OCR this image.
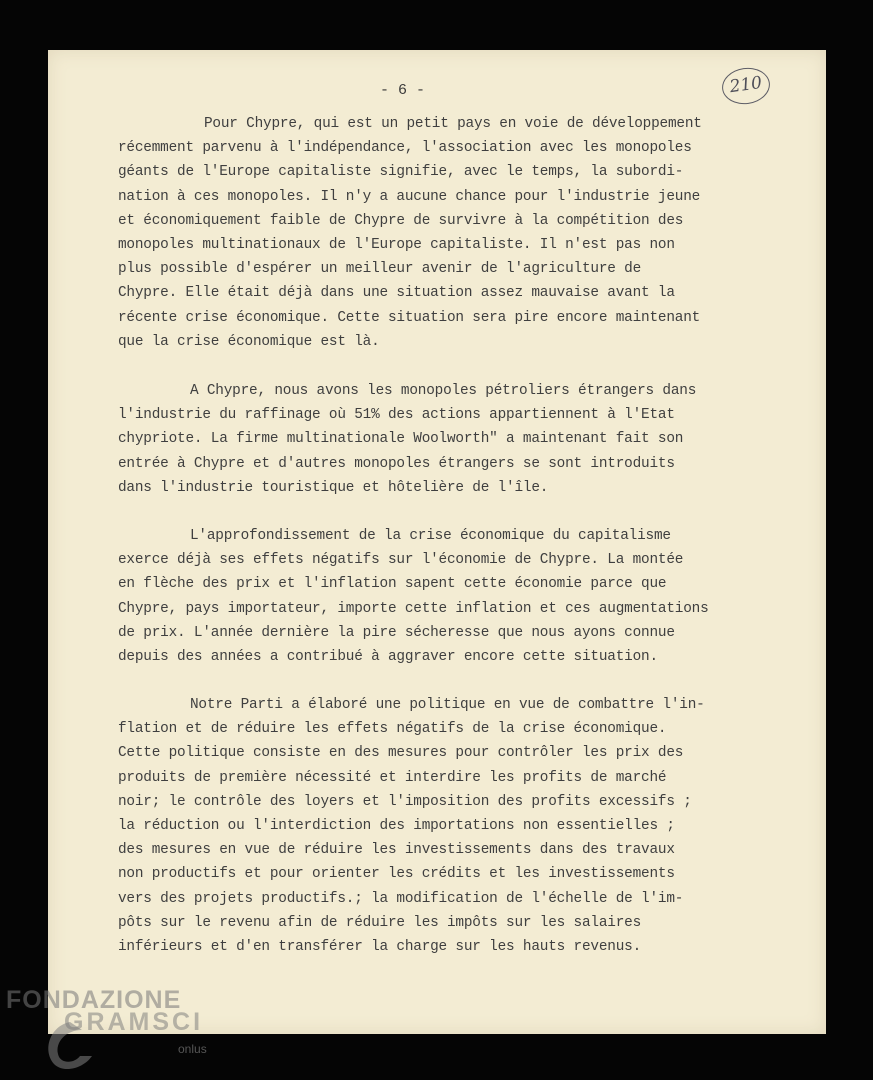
- 6 -	210
Pour Chypre, qui est un petit pays en voie de développement
récemment parvenu à l'indépendance, l'association avec les monopoles
géants de l'Europe capitaliste signifie, avec le temps, la subordi-
nation à ces monopoles. Il n'y a aucune chance pour l'industrie jeune
et économiquement faible de Chypre de survivre à la compétition des
monopoles multinationaux de l'Europe capitaliste. Il n'est pas non
plus possible d'espérer un meilleur avenir de l'agriculture de
Chypre. Elle était déjà dans une situation assez mauvaise avant la
récente crise économique. Cette situation sera pire encore maintenant
que la crise économique est là.
A Chypre, nous avons les monopoles pétroliers étrangers dans
l'industrie du raffinage où 51% des actions appartiennent à l'Etat
chypriote. La firme multinationale Woolworth" a maintenant fait son
entrée à Chypre et d'autres monopoles étrangers se sont introduits
dans l'industrie touristique et hôtelière de l'île.
L'approfondissement de la crise économique du capitalisme
exerce déjà ses effets négatifs sur l'économie de Chypre. La montée
en flèche des prix et l'inflation sapent cette économie parce que
Chypre, pays importateur, importe cette inflation et ces augmentations
de prix. L'année dernière la pire sécheresse que nous ayons connue
depuis des années a contribué à aggraver encore cette situation.
Notre Parti a élaboré une politique en vue de combattre l'in-
flation et de réduire les effets négatifs de la crise économique.
Cette politique consiste en des mesures pour contrôler les prix des
produits de première nécessité et interdire les profits de marché
noir; le contrôle des loyers et l'imposition des profits excessifs ;
la réduction ou l'interdiction des importations non essentielles ;
des mesures en vue de réduire les investissements dans des travaux
non productifs et pour orienter les crédits et les investissements
vers des projets productifs.; la modification de l'échelle de l'im-
pôts sur le revenu afin de réduire les impôts sur les salaires
inférieurs et d'en transférer la charge sur les hauts revenus.
FONDAZIONE
GRAMSCI
onlus
